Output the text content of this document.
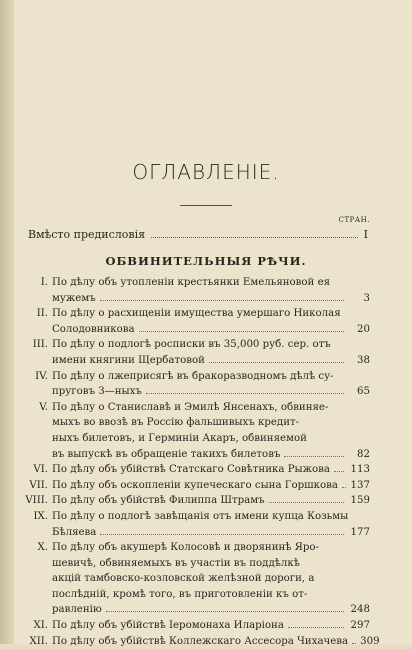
ОГЛАВЛЕНІЕ.
СТРАН.
Вмѣсто предисловія	I
ОБВИНИТЕЛЬНЫЯ РѢЧИ.
I. По дѣлу объ утопленіи крестьянки Емельяновой ея
мужемъ	3
II. По дѣлу о расхищеніи имущества умершаго Николая
Солодовникова	20
III. По дѣлу о подлогѣ росписки въ 35,000 руб. сер. отъ
имени княгини Щербатовой	38
IV. По дѣлу о лжеприсягѣ въ бракоразводномъ дѣлѣ су-
пруговъ З—ныхъ	65
V. По дѣлу о Станиславѣ и Эмилѣ Янсенахъ, обвиняе-
мыхъ во ввозѣ въ Россію фальшивыхъ кредит-
ныхъ билетовъ, и Герминіи Акаръ, обвиняемой
въ выпускѣ въ обращеніе такихъ билетовъ	82
VI. По дѣлу объ убійствѣ Статскаго Совѣтника Рыжова 113
VII. По дѣлу объ оскопленіи купеческаго сына Горшкова 137
VIII. По дѣлу объ убійствѣ Филиппа Штрамъ	159
IX. По дѣлу о подлогѣ завѣщанія отъ имени купца Козьмы
Бѣляева	177
X. По дѣлу объ акушерѣ Колосовѣ и дворянинѣ Яро-
шевичѣ, обвиняемыхъ въ участіи въ поддѣлкѣ
акцій тамбовско-козловской желѣзной дороги, а
послѣдній, кромѣ того, въ приготовленіи къ от-
равленію	248
XI. По дѣлу объ убійствѣ Іеромонаха Иларіона	297
XII. По дѣлу объ убійствѣ Коллежскаго Ассесора Чихачева 309
